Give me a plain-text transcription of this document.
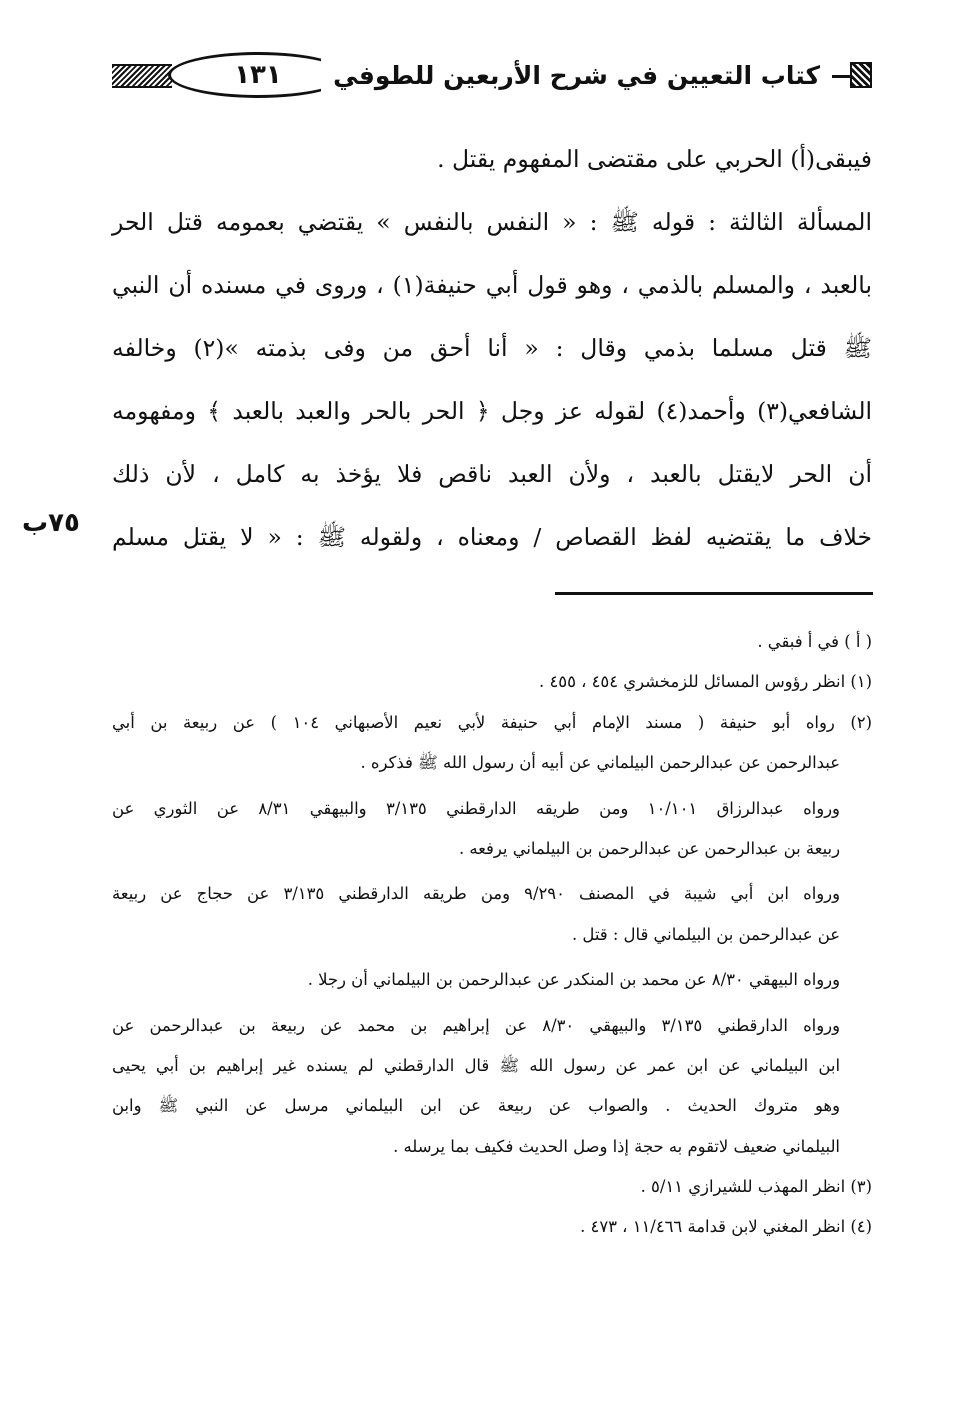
١٣١	كتاب التعيين في شرح الأربعين للطوفي
فيبقى(أ) الحربي على مقتضى المفهوم يقتل .
المسألة الثالثة : قوله ﷺ : « النفس بالنفس » يقتضي بعمومه قتل الحر
بالعبد ، والمسلم بالذمي ، وهو قول أبي حنيفة(١) ، وروى في مسنده أن النبي
ﷺ قتل مسلما بذمي وقال : « أنا أحق من وفى بذمته »(٢) وخالفه
الشافعي(٣) وأحمد(٤) لقوله عز وجل ﴿ الحر بالحر والعبد بالعبد ﴾ ومفهومه
أن الحر لايقتل بالعبد ، ولأن العبد ناقص فلا يؤخذ به كامل ، لأن ذلك
خلاف ما يقتضيه لفظ القصاص / ومعناه ، ولقوله ﷺ : « لا يقتل مسلم
٧٥ب
( أ ) في أ فبقي .
(١) انظر رؤوس المسائل للزمخشري ٤٥٤ ، ٤٥٥ .
(٢) رواه أبو حنيفة ( مسند الإمام أبي حنيفة لأبي نعيم الأصبهاني ١٠٤ ) عن ربيعة بن أبي
عبدالرحمن عن عبدالرحمن البيلماني عن أبيه أن رسول الله ﷺ فذكره .
ورواه عبدالرزاق ١٠/١٠١ ومن طريقه الدارقطني ٣/١٣٥ والبيهقي ٨/٣١ عن الثوري عن
ربيعة بن عبدالرحمن عن عبدالرحمن بن البيلماني يرفعه .
ورواه ابن أبي شيبة في المصنف ٩/٢٩٠ ومن طريقه الدارقطني ٣/١٣٥ عن حجاج عن ربيعة
عن عبدالرحمن بن البيلماني قال : قتل .
ورواه البيهقي ٨/٣٠ عن محمد بن المنكدر عن عبدالرحمن بن البيلماني أن رجلا .
ورواه الدارقطني ٣/١٣٥ والبيهقي ٨/٣٠ عن إبراهيم بن محمد عن ربيعة بن عبدالرحمن عن
ابن البيلماني عن ابن عمر عن رسول الله ﷺ قال الدارقطني لم يسنده غير إبراهيم بن أبي يحيى
وهو متروك الحديث . والصواب عن ربيعة عن ابن البيلماني مرسل عن النبي ﷺ وابن
البيلماني ضعيف لاتقوم به حجة إذا وصل الحديث فكيف بما يرسله .
(٣) انظر المهذب للشيرازي ٥/١١ .
(٤) انظر المغني لابن قدامة ١١/٤٦٦ ، ٤٧٣ .
